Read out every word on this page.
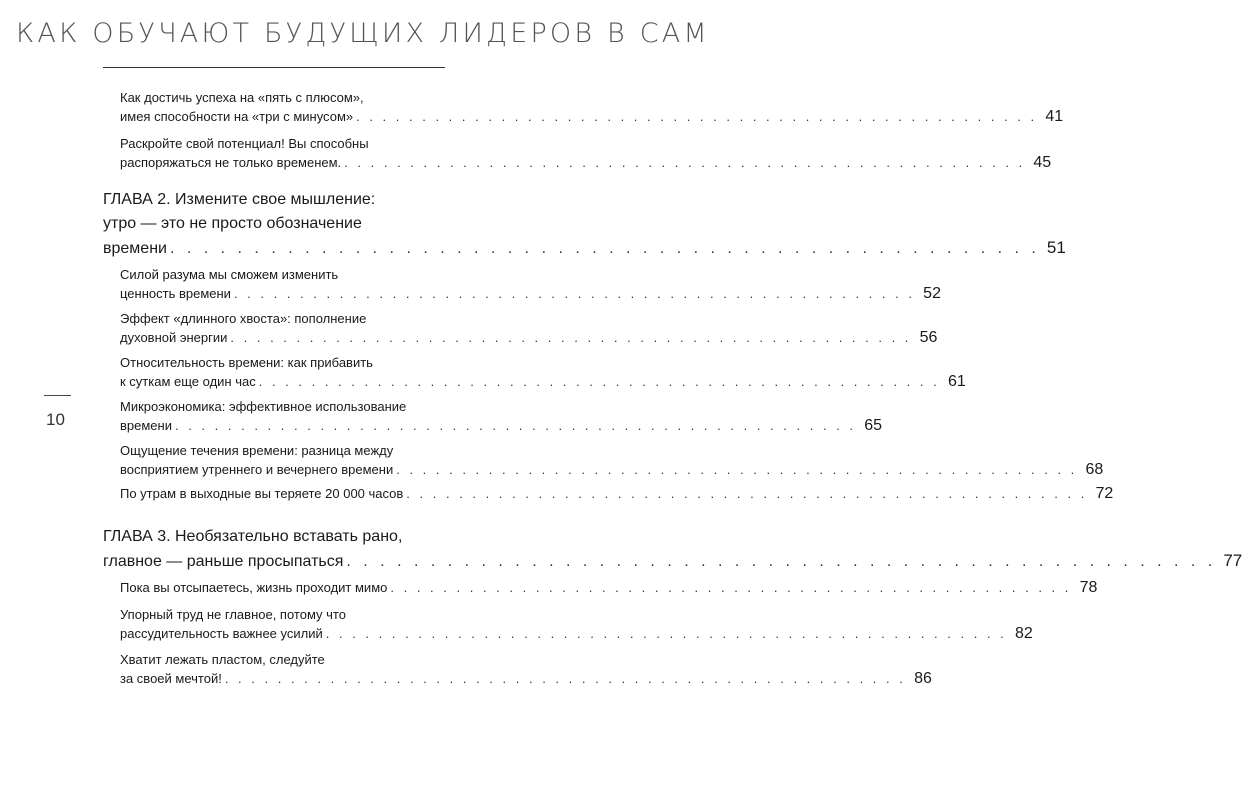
КАК ОБУЧАЮТ БУДУЩИХ ЛИДЕРОВ В САМ
10
Как достичь успеха на «пять с плюсом»,
имея способности на «три с минусом» . . . . . . . . . . . . . . . . . . . . . . . . . . . . . . . . . . . . . . . . . . . . . . . . . . . . 41
Раскройте свой потенциал! Вы способны
распоряжаться не только временем. . . . . . . . . . . . . . . . . . . . . . . . . . . . . . . . . . . . . . . . . . . . . . . . . . . . . 45
ГЛАВА 2. Измените свое мышление:
утро — это не просто обозначение
времени . . . . . . . . . . . . . . . . . . . . . . . . . . . . . . . . . . . . . . . . . . . . . . . . . . . . 51
Силой разума мы сможем изменить
ценность времени . . . . . . . . . . . . . . . . . . . . . . . . . . . . . . . . . . . . . . . . . . . . . . . . . . . . 52
Эффект «длинного хвоста»: пополнение
духовной энергии . . . . . . . . . . . . . . . . . . . . . . . . . . . . . . . . . . . . . . . . . . . . . . . . . . . . 56
Относительность времени: как прибавить
к суткам еще один час . . . . . . . . . . . . . . . . . . . . . . . . . . . . . . . . . . . . . . . . . . . . . . . . . . . . 61
Микроэкономика: эффективное использование
времени . . . . . . . . . . . . . . . . . . . . . . . . . . . . . . . . . . . . . . . . . . . . . . . . . . . . 65
Ощущение течения времени: разница между
восприятием утреннего и вечернего времени . . . . . . . . . . . . . . . . . . . . . . . . . . . . . . . . . . . . . . . . . . . . . . . . . . . . 68
По утрам в выходные вы теряете 20 000 часов . . . . . . . . . . . . . . . . . . . . . . . . . . . . . . . . . . . . . . . . . . . . . . . . . . . . 72
ГЛАВА 3. Необязательно вставать рано,
главное — раньше просыпаться . . . . . . . . . . . . . . . . . . . . . . . . . . . . . . . . . . . . . . . . . . . . . . . . . . . . 77
Пока вы отсыпаетесь, жизнь проходит мимо . . . . . . . . . . . . . . . . . . . . . . . . . . . . . . . . . . . . . . . . . . . . . . . . . . . . 78
Упорный труд не главное, потому что
рассудительность важнее усилий . . . . . . . . . . . . . . . . . . . . . . . . . . . . . . . . . . . . . . . . . . . . . . . . . . . . 82
Хватит лежать пластом, следуйте
за своей мечтой! . . . . . . . . . . . . . . . . . . . . . . . . . . . . . . . . . . . . . . . . . . . . . . . . . . . . 86
